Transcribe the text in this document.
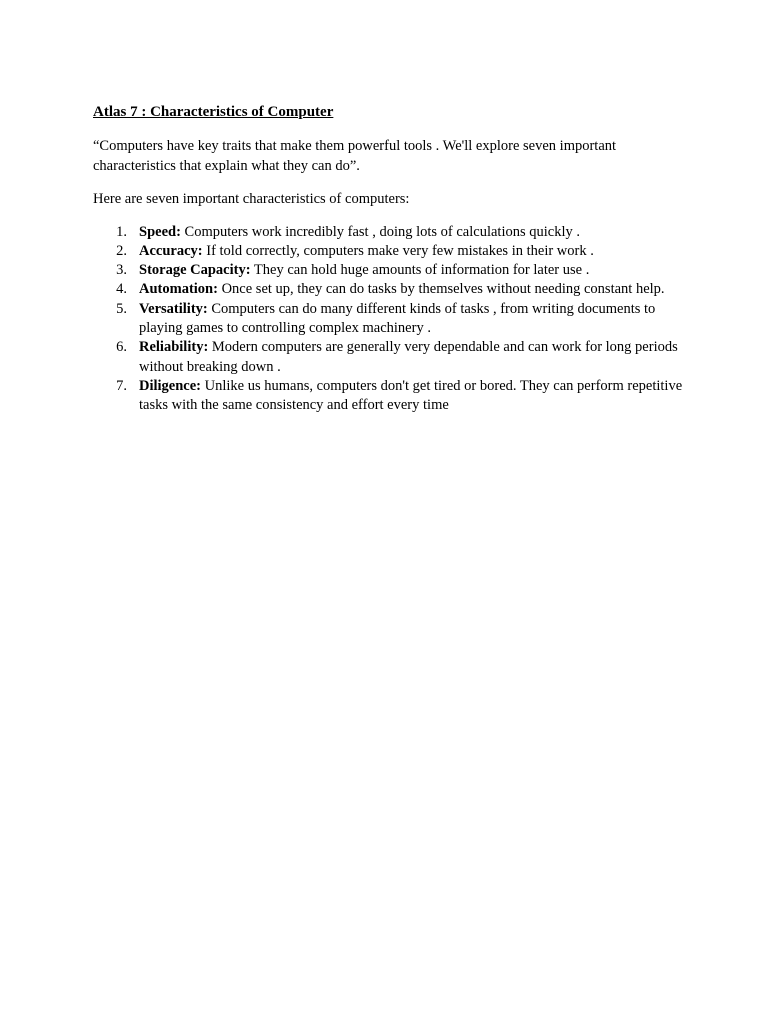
Atlas 7 : Characteristics of Computer

“Computers have key traits that make them powerful tools . We'll explore seven important characteristics that explain what they can do”.

Here are seven important characteristics of computers:

1. Speed: Computers work incredibly fast , doing lots of calculations quickly .
2. Accuracy: If told correctly, computers make very few mistakes in their work .
3. Storage Capacity: They can hold huge amounts of information for later use .
4. Automation: Once set up, they can do tasks by themselves without needing constant help.
5. Versatility: Computers can do many different kinds of tasks , from writing documents to playing games to controlling complex machinery .
6. Reliability: Modern computers are generally very dependable and can work for long periods without breaking down .
7. Diligence: Unlike us humans, computers don't get tired or bored. They can perform repetitive tasks with the same consistency and effort every time
